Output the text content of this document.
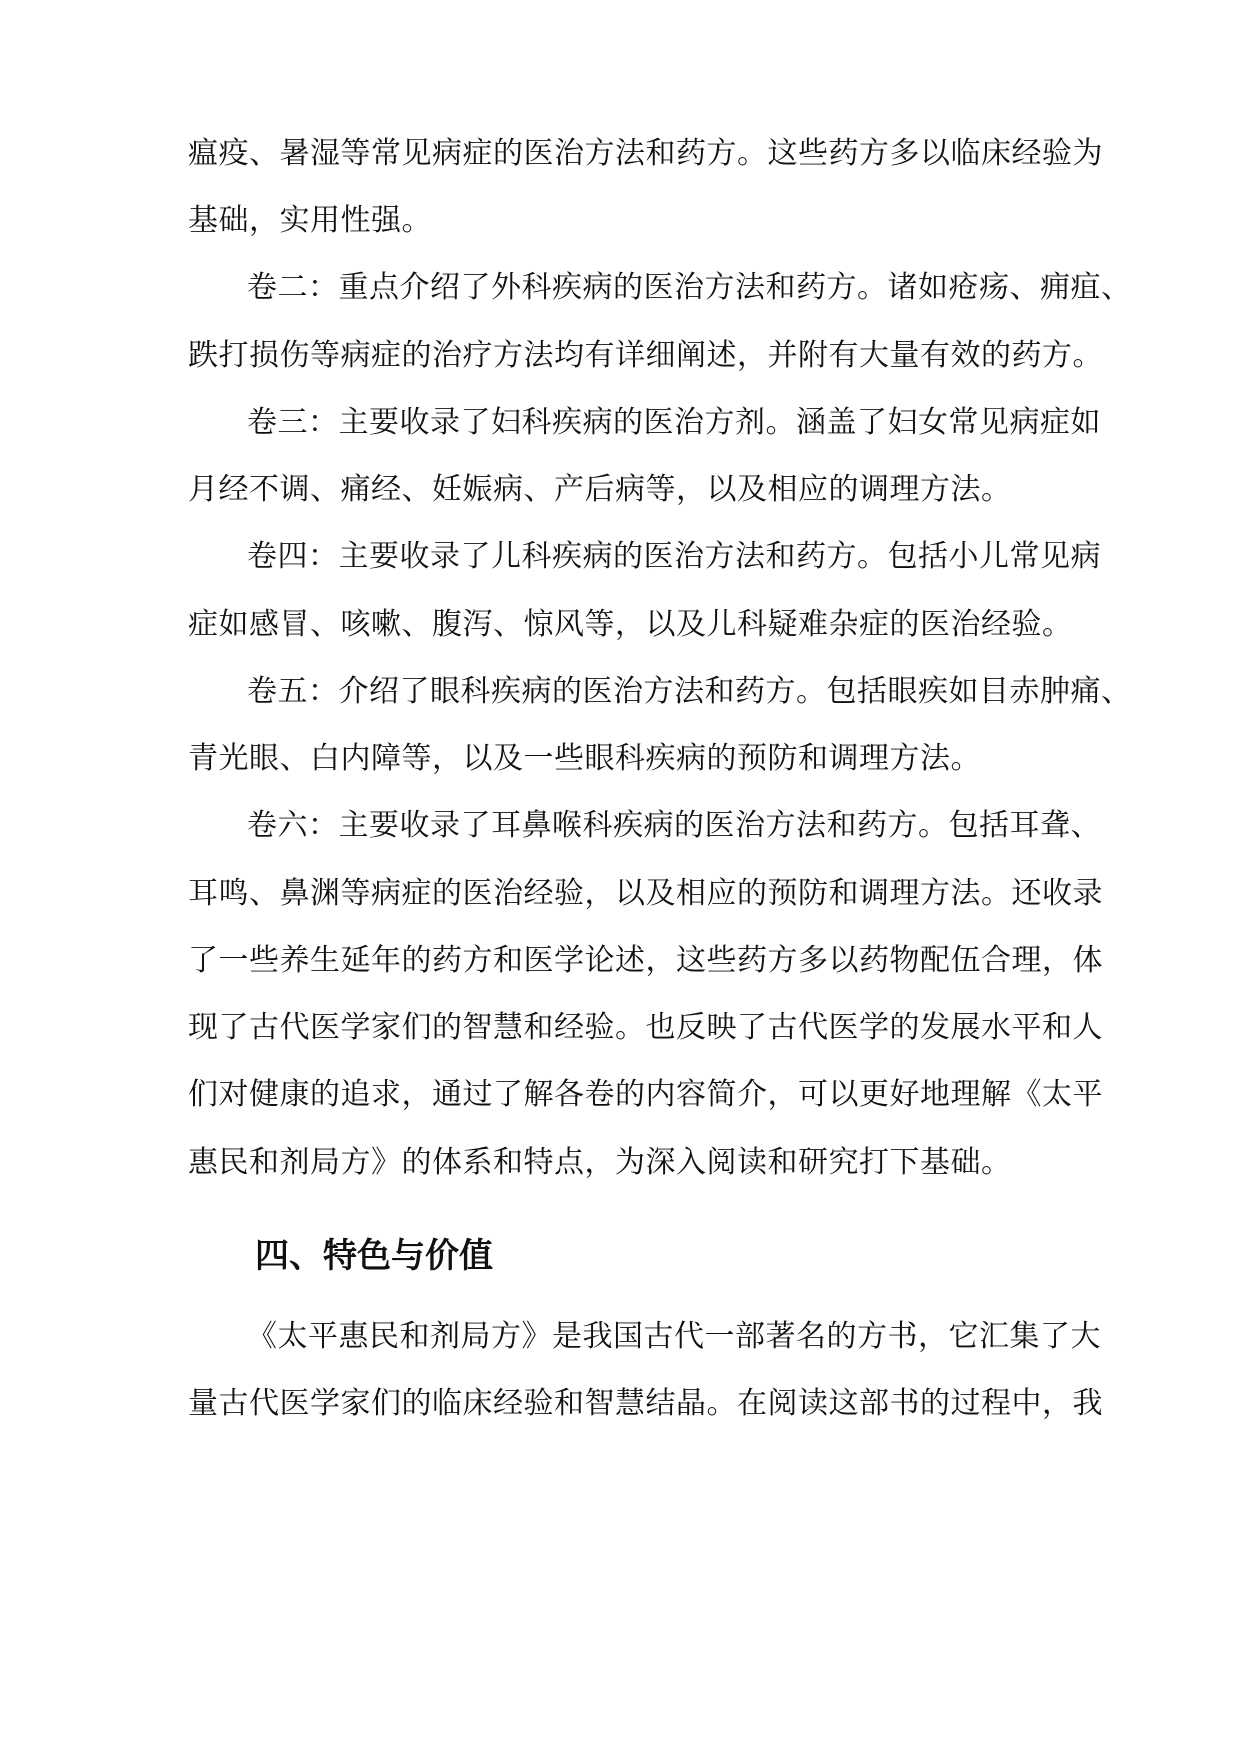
瘟疫、暑湿等常见病症的医治方法和药方。这些药方多以临床经验为
基础，实用性强。
卷二：重点介绍了外科疾病的医治方法和药方。诸如疮疡、痈疽、
跌打损伤等病症的治疗方法均有详细阐述，并附有大量有效的药方。
卷三：主要收录了妇科疾病的医治方剂。涵盖了妇女常见病症如
月经不调、痛经、妊娠病、产后病等，以及相应的调理方法。
卷四：主要收录了儿科疾病的医治方法和药方。包括小儿常见病
症如感冒、咳嗽、腹泻、惊风等，以及儿科疑难杂症的医治经验。
卷五：介绍了眼科疾病的医治方法和药方。包括眼疾如目赤肿痛、
青光眼、白内障等，以及一些眼科疾病的预防和调理方法。
卷六：主要收录了耳鼻喉科疾病的医治方法和药方。包括耳聋、
耳鸣、鼻渊等病症的医治经验，以及相应的预防和调理方法。还收录
了一些养生延年的药方和医学论述，这些药方多以药物配伍合理，体
现了古代医学家们的智慧和经验。也反映了古代医学的发展水平和人
们对健康的追求，通过了解各卷的内容简介，可以更好地理解《太平
惠民和剂局方》的体系和特点，为深入阅读和研究打下基础。
四、特色与价值
《太平惠民和剂局方》是我国古代一部著名的方书，它汇集了大
量古代医学家们的临床经验和智慧结晶。在阅读这部书的过程中，我
